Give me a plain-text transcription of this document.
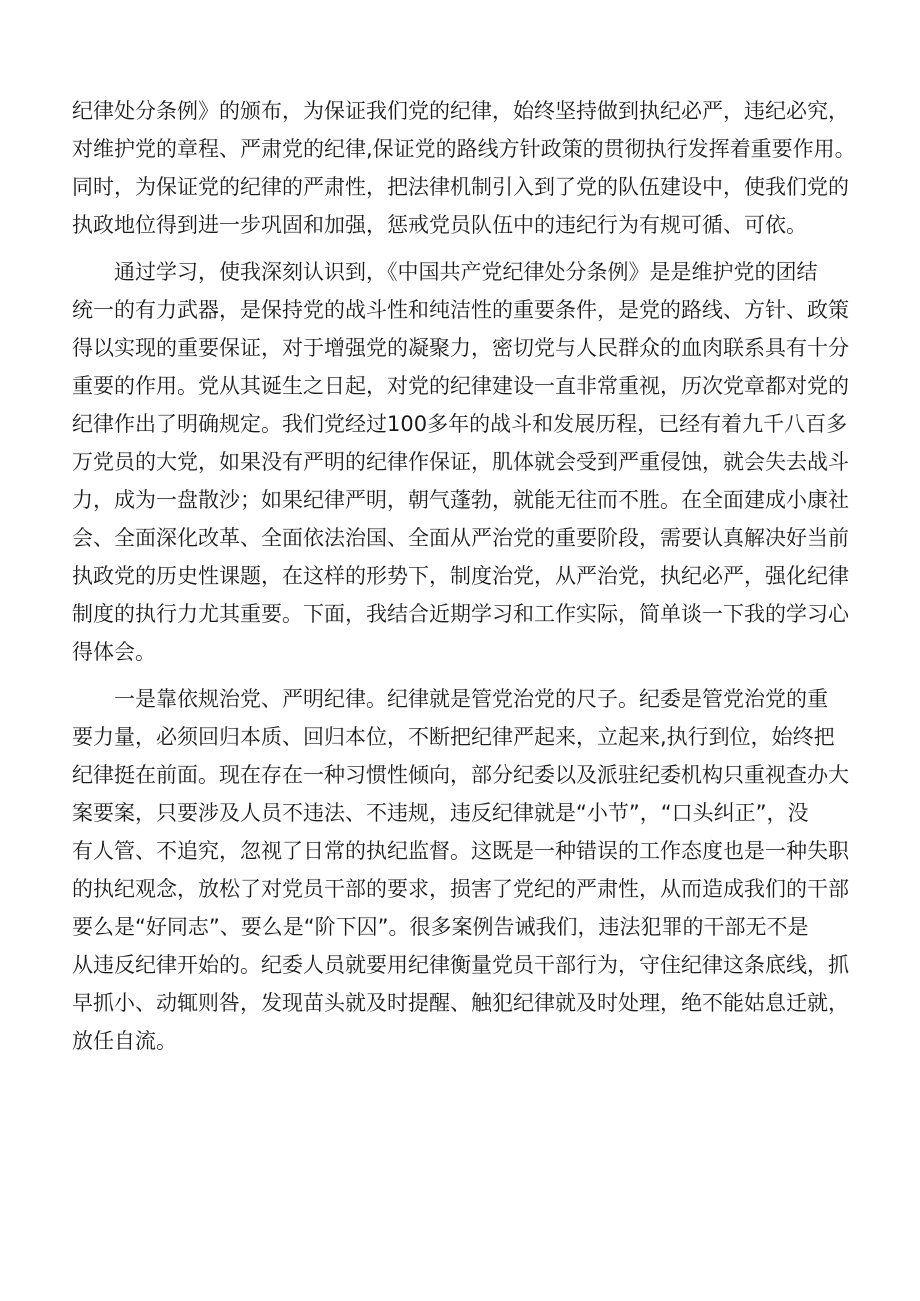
纪律处分条例》的颁布，为保证我们党的纪律，始终坚持做到执纪必严，违纪必究，
对维护党的章程、严肃党的纪律,保证党的路线方针政策的贯彻执行发挥着重要作用。
同时，为保证党的纪律的严肃性，把法律机制引入到了党的队伍建设中，使我们党的
执政地位得到进一步巩固和加强，惩戒党员队伍中的违纪行为有规可循、可依。
通过学习，使我深刻认识到，《中国共产党纪律处分条例》是是维护党的团结
统一的有力武器，是保持党的战斗性和纯洁性的重要条件，是党的路线、方针、政策
得以实现的重要保证，对于增强党的凝聚力，密切党与人民群众的血肉联系具有十分
重要的作用。党从其诞生之日起，对党的纪律建设一直非常重视，历次党章都对党的
纪律作出了明确规定。我们党经过100多年的战斗和发展历程，已经有着九千八百多
万党员的大党，如果没有严明的纪律作保证，肌体就会受到严重侵蚀，就会失去战斗
力，成为一盘散沙；如果纪律严明，朝气蓬勃，就能无往而不胜。在全面建成小康社
会、全面深化改革、全面依法治国、全面从严治党的重要阶段，需要认真解决好当前
执政党的历史性课题，在这样的形势下，制度治党，从严治党，执纪必严，强化纪律
制度的执行力尤其重要。下面，我结合近期学习和工作实际，简单谈一下我的学习心
得体会。
一是靠依规治党、严明纪律。纪律就是管党治党的尺子。纪委是管党治党的重
要力量，必须回归本质、回归本位，不断把纪律严起来，立起来,执行到位，始终把
纪律挺在前面。现在存在一种习惯性倾向，部分纪委以及派驻纪委机构只重视查办大
案要案，只要涉及人员不违法、不违规，违反纪律就是“小节”，“口头纠正”，没
有人管、不追究，忽视了日常的执纪监督。这既是一种错误的工作态度也是一种失职
的执纪观念，放松了对党员干部的要求，损害了党纪的严肃性，从而造成我们的干部
要么是“好同志”、要么是“阶下囚”。很多案例告诫我们，违法犯罪的干部无不是
从违反纪律开始的。纪委人员就要用纪律衡量党员干部行为，守住纪律这条底线，抓
早抓小、动辄则咎，发现苗头就及时提醒、触犯纪律就及时处理，绝不能姑息迁就，
放任自流。
